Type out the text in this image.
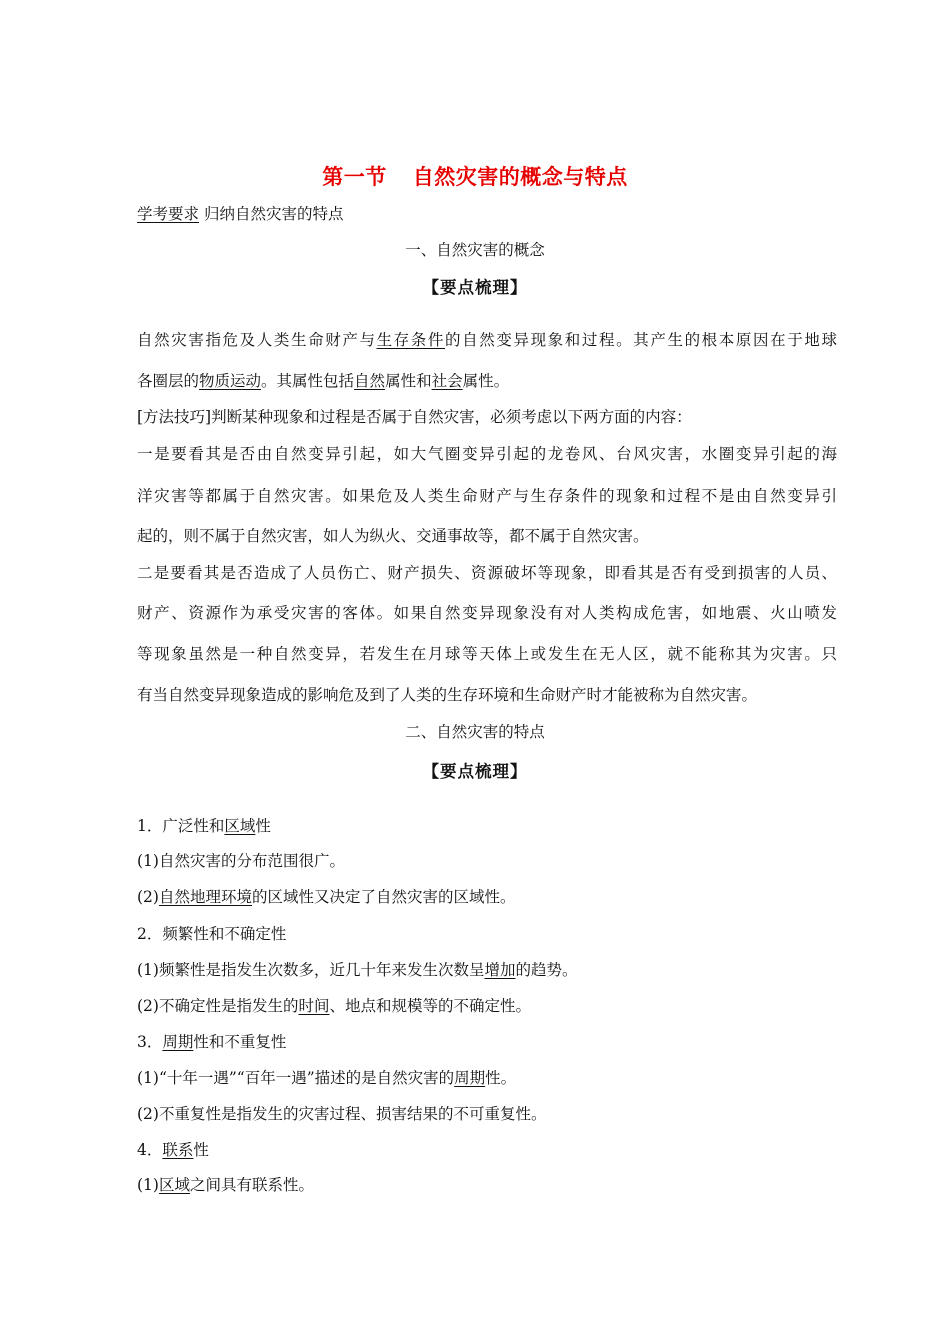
第一节 自然灾害的概念与特点
学考要求 归纳自然灾害的特点
一、自然灾害的概念
【要点梳理】
自然灾害指危及人类生命财产与生存条件的自然变异现象和过程。其产生的根本原因在于地球
各圈层的物质运动。其属性包括自然属性和社会属性。
[方法技巧]判断某种现象和过程是否属于自然灾害，必须考虑以下两方面的内容：
一是要看其是否由自然变异引起，如大气圈变异引起的龙卷风、台风灾害，水圈变异引起的海
洋灾害等都属于自然灾害。如果危及人类生命财产与生存条件的现象和过程不是由自然变异引
起的，则不属于自然灾害，如人为纵火、交通事故等，都不属于自然灾害。
二是要看其是否造成了人员伤亡、财产损失、资源破坏等现象，即看其是否有受到损害的人员、
财产、资源作为承受灾害的客体。如果自然变异现象没有对人类构成危害，如地震、火山喷发
等现象虽然是一种自然变异，若发生在月球等天体上或发生在无人区，就不能称其为灾害。只
有当自然变异现象造成的影响危及到了人类的生存环境和生命财产时才能被称为自然灾害。
二、自然灾害的特点
【要点梳理】
1．广泛性和区域性
(1)自然灾害的分布范围很广。
(2)自然地理环境的区域性又决定了自然灾害的区域性。
2．频繁性和不确定性
(1)频繁性是指发生次数多，近几十年来发生次数呈增加的趋势。
(2)不确定性是指发生的时间、地点和规模等的不确定性。
3．周期性和不重复性
(1)“十年一遇”“百年一遇”描述的是自然灾害的周期性。
(2)不重复性是指发生的灾害过程、损害结果的不可重复性。
4．联系性
(1)区域之间具有联系性。
